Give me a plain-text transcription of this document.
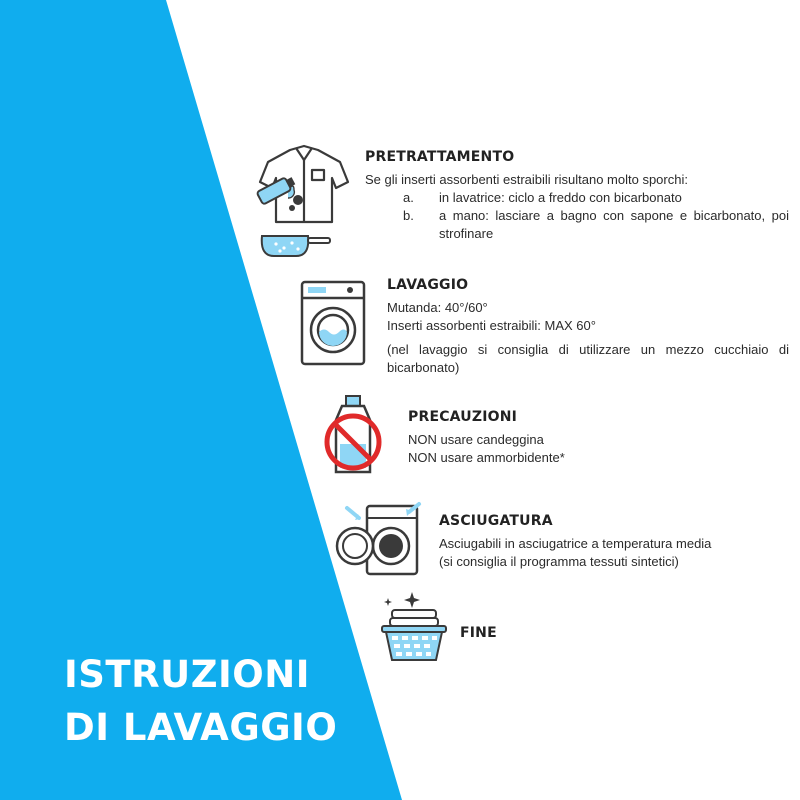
PRETRATTAMENTO

Se gli inserti assorbenti estraibili risultano molto sporchi:

a.	in lavatrice: ciclo a freddo con bicarbonato
b.	a mano: lasciare a bagno con sapone e bicarbonato, poi strofinare
LAVAGGIO

Mutanda: 40°/60°

Inserti assorbenti estraibili: MAX 60°

(nel lavaggio si consiglia di utilizzare un mezzo cucchiaio di bicarbonato)

PRECAUZIONI

NON usare candeggina

NON usare ammorbidente*

ASCIUGATURA

Asciugabili in asciugatrice a temperatura media

(si consiglia il programma tessuti sintetici)

FINE
ISTRUZIONI
DI LAVAGGIO
